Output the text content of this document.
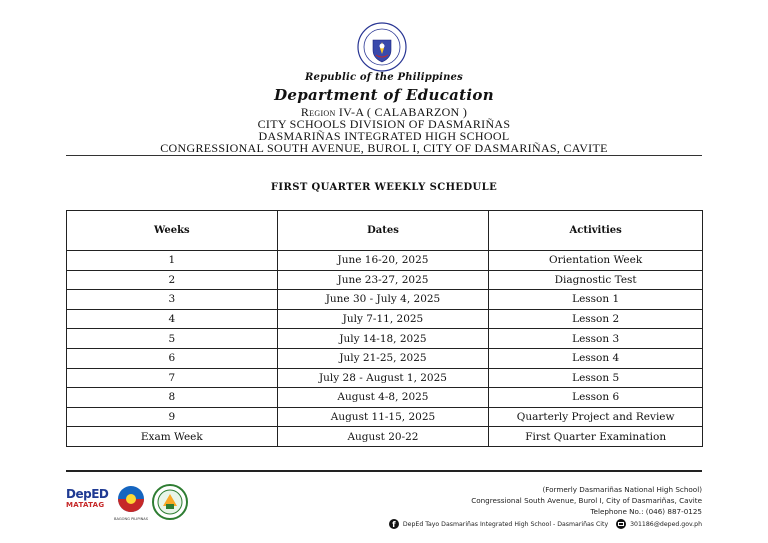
Republic of the Philippines
Department of Education
Region IV-A ( CALABARZON )
CITY SCHOOLS DIVISION OF DASMARIÑAS
DASMARIÑAS INTEGRATED HIGH SCHOOL
CONGRESSIONAL SOUTH AVENUE, BUROL I, CITY OF DASMARIÑAS, CAVITE
FIRST QUARTER WEEKLY SCHEDULE
Weeks	Dates	Activities
1	June 16-20, 2025	Orientation Week
2	June 23-27, 2025	Diagnostic Test
3	June 30 - July 4, 2025	Lesson 1
4	July 7-11, 2025	Lesson 2
5	July 14-18, 2025	Lesson 3
6	July 21-25, 2025	Lesson 4
7	July 28 - August 1, 2025	Lesson 5
8	August 4-8, 2025	Lesson 6
9	August 11-15, 2025	Quarterly Project and Review
Exam Week	August 20-22	First Quarter Examination
DepED
MATATAG
BAGONG PILIPINAS
(Formerly Dasmariñas National High School)
Congressional South Avenue, Burol I, City of Dasmariñas, Cavite
Telephone No.: (046) 887-0125
f	DepEd Tayo Dasmariñas Integrated High School - Dasmariñas City	301186@deped.gov.ph
